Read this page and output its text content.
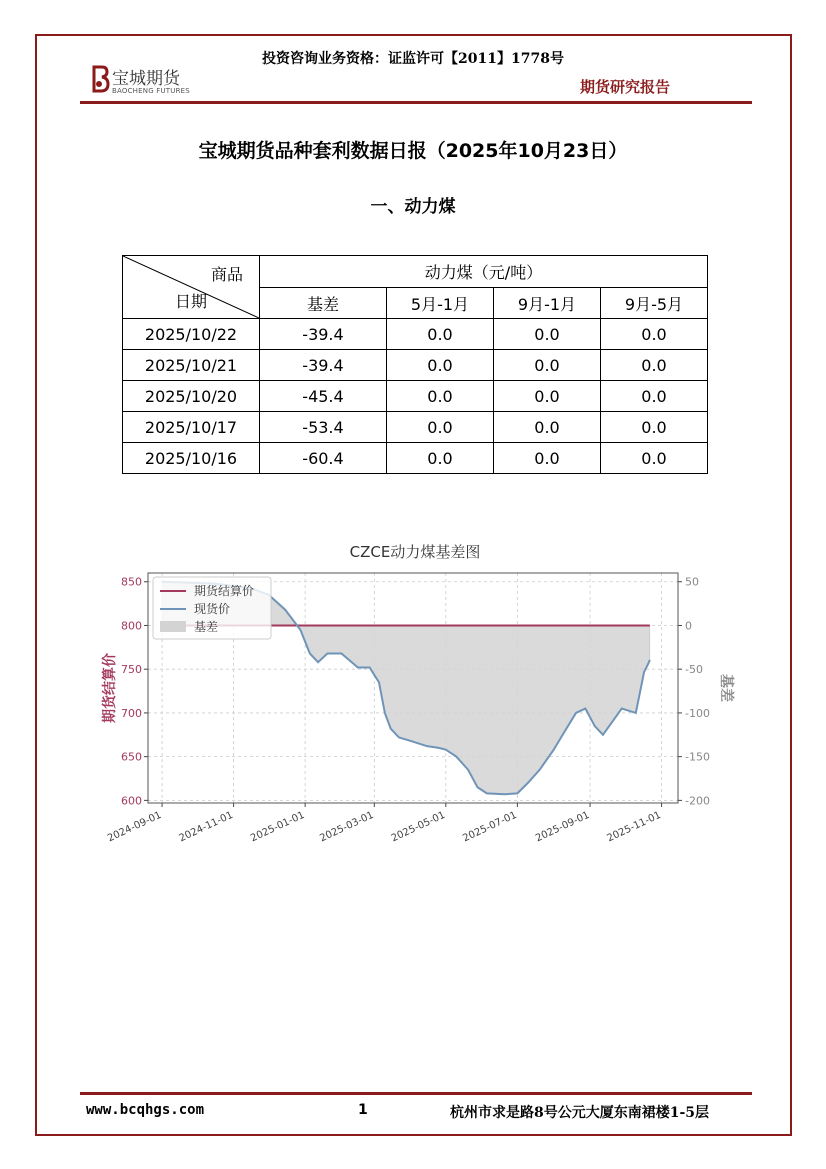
投资咨询业务资格：证监许可【2011】1778号
宝城期货
BAOCHENG FUTURES	期货研究报告
宝城期货品种套利数据日报（2025年10月23日）
一、动力煤
商品
日期	动力煤（元/吨）			
	基差	5月-1月	9月-1月	9月-5月
2025/10/22	-39.4	0.0	0.0	0.0
2025/10/21	-39.4	0.0	0.0	0.0
2025/10/20	-45.4	0.0	0.0	0.0
2025/10/17	-53.4	0.0	0.0	0.0
2025/10/16	-60.4	0.0	0.0	0.0
CZCE动力煤基差图
2024-09-01 2024-11-01 2025-01-01 2025-03-01 2025-05-01 2025-07-01 2025-09-01 2025-11-01
600
650
700
750
800
850	50
0
-50
-100
-150
-200
期货结算价
现货价
基差
期货结算价	基差
www.bcqhgs.com	1	杭州市求是路8号公元大厦东南裙楼1-5层
